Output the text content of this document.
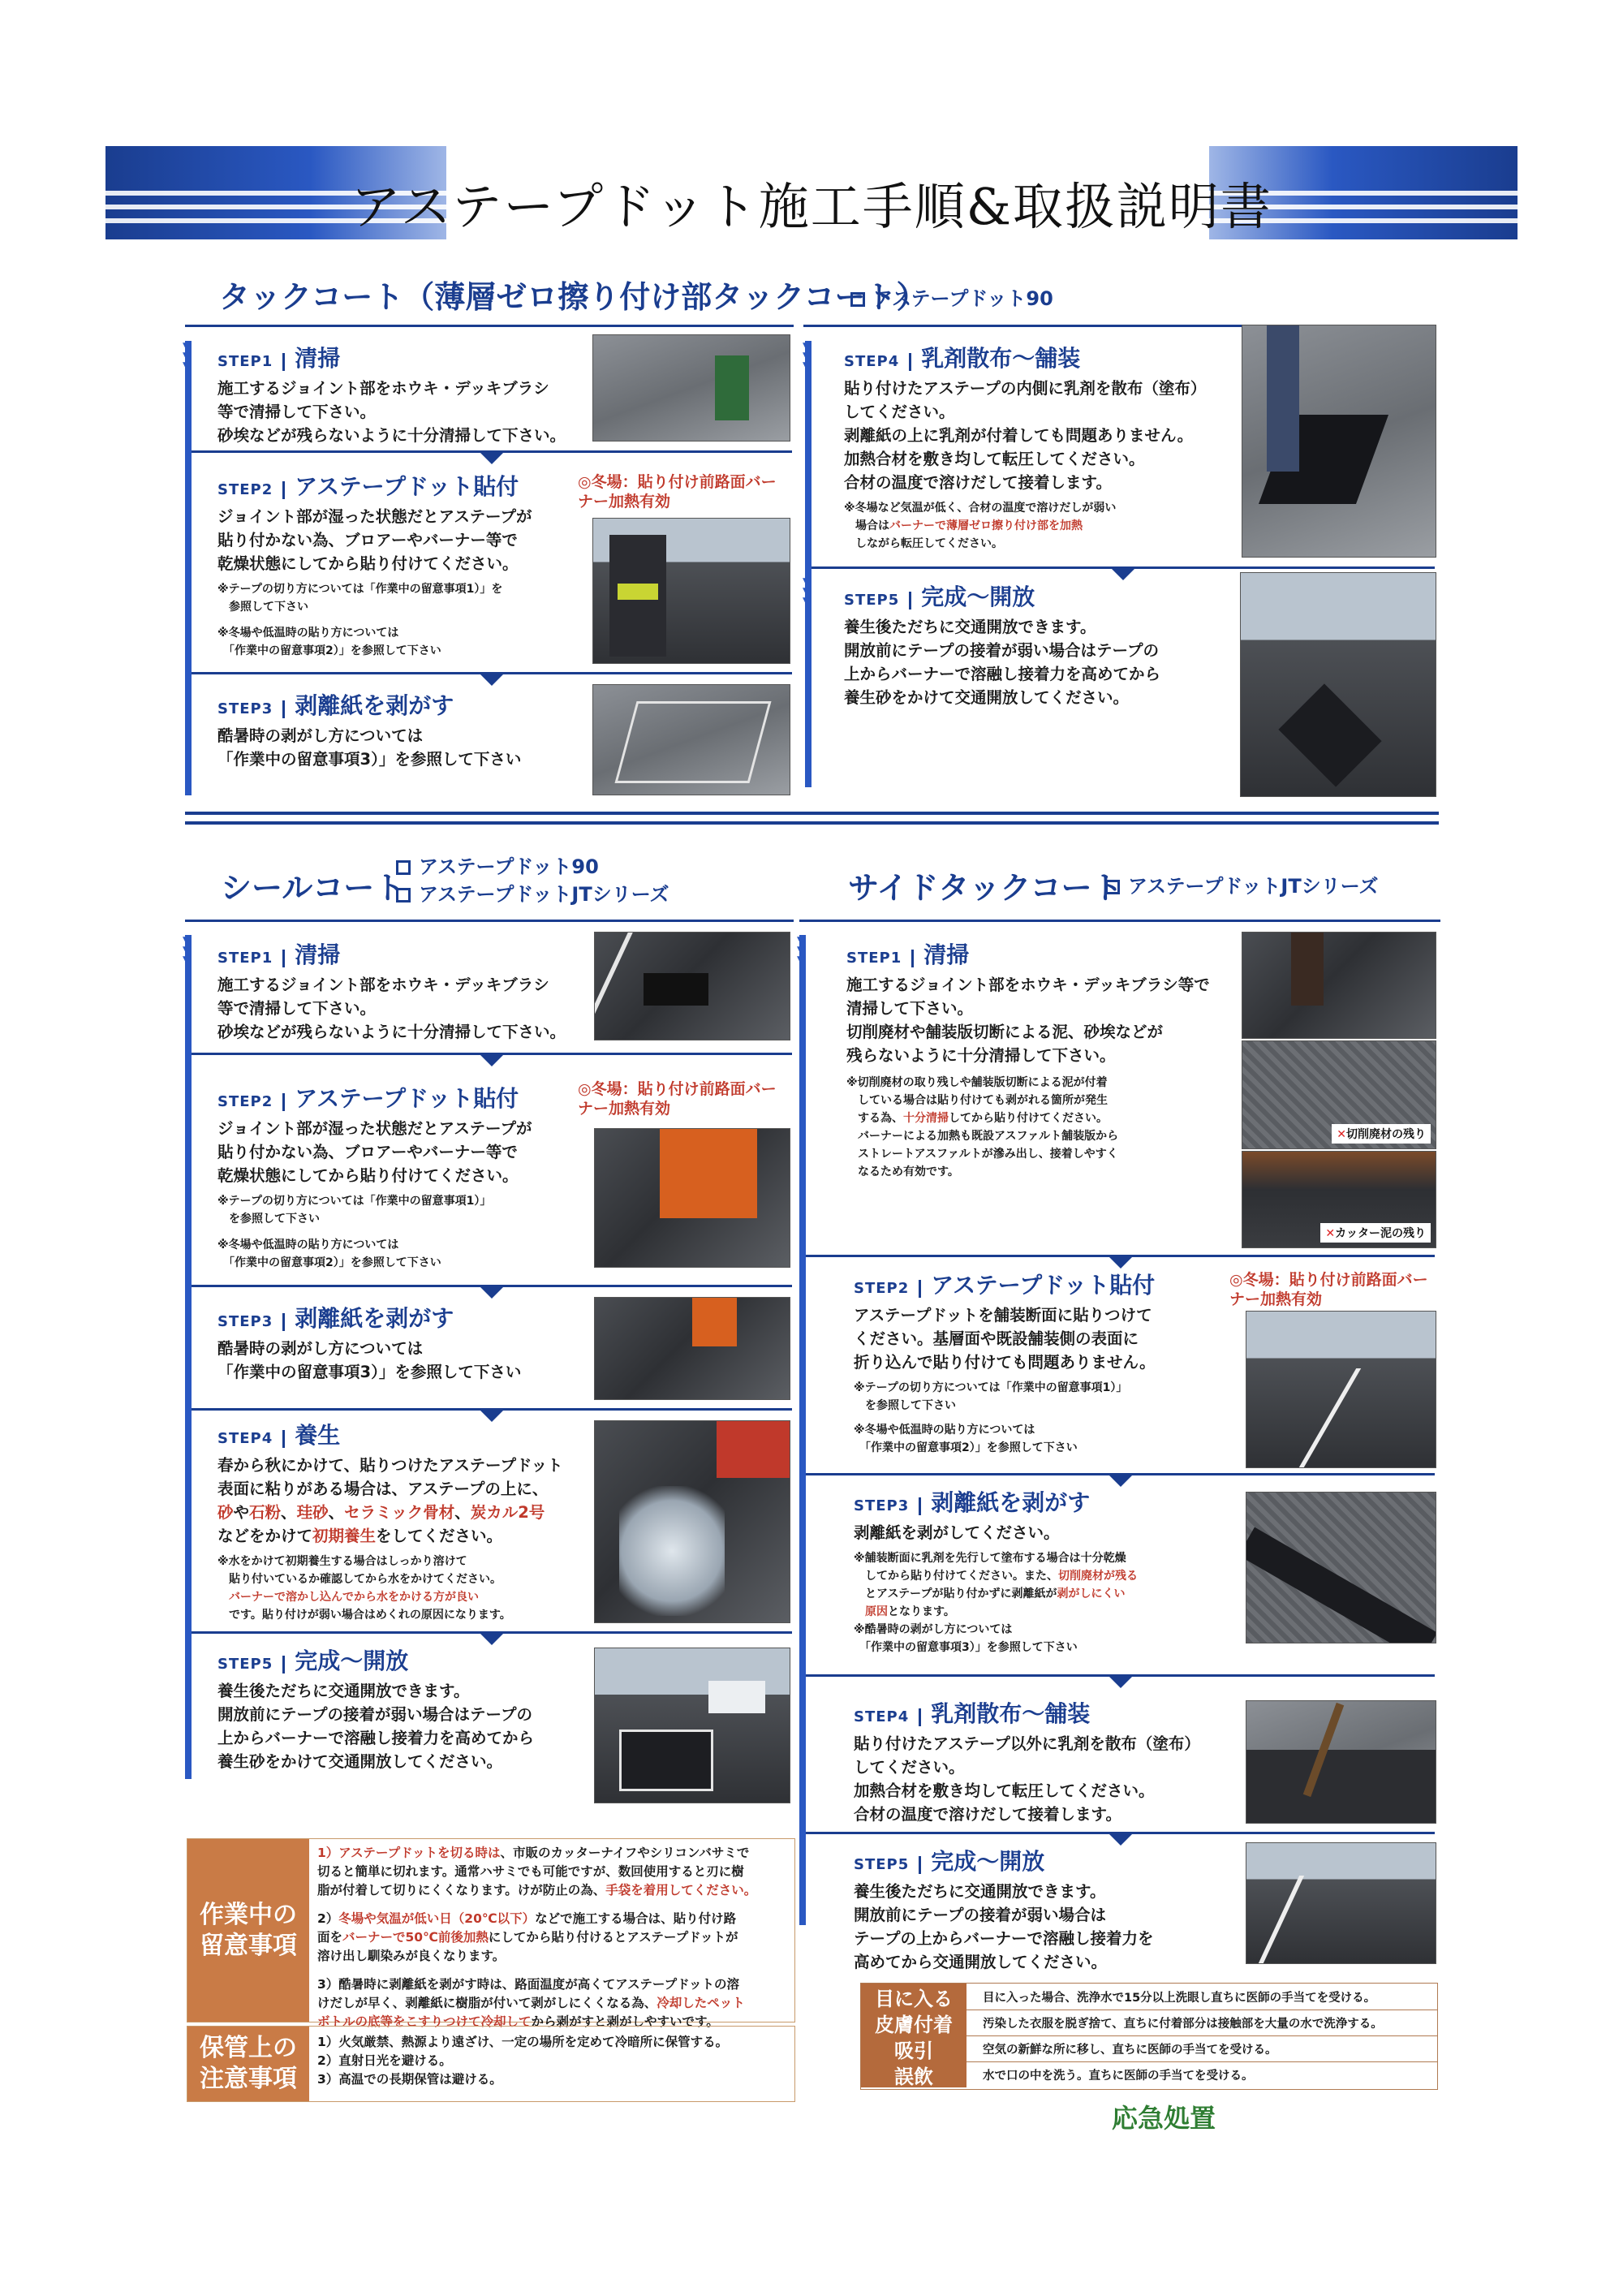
アステープドット施工手順&取扱説明書
タックコート（薄層ゼロ擦り付け部タックコート）
アステープドット90
▼ ▼ ▼
▼ ▼ ▼
▼ ▼ ▼
STEP1 清掃
施工するジョイント部をホウキ・デッキブラシ
等で清掃して下さい。
砂埃などが残らないように十分清掃して下さい。
STEP2 アステープドット貼付
ジョイント部が湿った状態だとアステープが
貼り付かない為、ブロアーやバーナー等で
乾燥状態にしてから貼り付けてください。
※テープの切り方については「作業中の留意事項1）」を
　参照して下さい
※冬場や低温時の貼り方については
　「作業中の留意事項2）」を参照して下さい
◎冬場：貼り付け前路面バー
ナー加熱有効
STEP3 剥離紙を剥がす
酷暑時の剥がし方については
「作業中の留意事項3）」を参照して下さい
STEP4 乳剤散布～舗装
貼り付けたアステープの内側に乳剤を散布（塗布）
してください。
剥離紙の上に乳剤が付着しても問題ありません。
加熱合材を敷き均して転圧してください。
合材の温度で溶けだして接着します。
※冬場など気温が低く、合材の温度で溶けだしが弱い
　場合はバーナーで薄層ゼロ擦り付け部を加熱
　しながら転圧してください。
STEP5 完成～開放
養生後ただちに交通開放できます。
開放前にテープの接着が弱い場合はテープの
上からバーナーで溶融し接着力を高めてから
養生砂をかけて交通開放してください。
シールコート
アステープドット90
アステープドットJTシリーズ
▼ ▼ ▼
STEP1 清掃
施工するジョイント部をホウキ・デッキブラシ
等で清掃して下さい。
砂埃などが残らないように十分清掃して下さい。
STEP2 アステープドット貼付
ジョイント部が湿った状態だとアステープが
貼り付かない為、ブロアーやバーナー等で
乾燥状態にしてから貼り付けてください。
※テープの切り方については「作業中の留意事項1）」
　を参照して下さい
※冬場や低温時の貼り方については
　「作業中の留意事項2）」を参照して下さい
◎冬場：貼り付け前路面バー
ナー加熱有効
STEP3 剥離紙を剥がす
酷暑時の剥がし方については
「作業中の留意事項3）」を参照して下さい
STEP4 養生
春から秋にかけて、貼りつけたアステープドット
表面に粘りがある場合は、アステープの上に、
砂や石粉、珪砂、セラミック骨材、炭カル2号
などをかけて初期養生をしてください。
※水をかけて初期養生する場合はしっかり溶けて
　貼り付いているか確認してから水をかけてください。
　バーナーで溶かし込んでから水をかける方が良い
　です。貼り付けが弱い場合はめくれの原因になります。
STEP5 完成～開放
養生後ただちに交通開放できます。
開放前にテープの接着が弱い場合はテープの
上からバーナーで溶融し接着力を高めてから
養生砂をかけて交通開放してください。
サイドタックコート アステープドットJTシリーズ
▼ ▼ ▼
STEP1 清掃
施工するジョイント部をホウキ・デッキブラシ等で
清掃して下さい。
切削廃材や舗装版切断による泥、砂埃などが
残らないように十分清掃して下さい。
※切削廃材の取り残しや舗装版切断による泥が付着
　している場合は貼り付けても剥がれる箇所が発生
　する為、十分清掃してから貼り付けてください。
　バーナーによる加熱も既設アスファルト舗装版から
　ストレートアスファルトが滲み出し、接着しやすく
　なるため有効です。
✕切削廃材の残り
✕カッター泥の残り
STEP2 アステープドット貼付
アステープドットを舗装断面に貼りつけて
ください。基層面や既設舗装側の表面に
折り込んで貼り付けても問題ありません。
※テープの切り方については「作業中の留意事項1）」
　を参照して下さい
※冬場や低温時の貼り方については
　「作業中の留意事項2）」を参照して下さい
◎冬場：貼り付け前路面バー
ナー加熱有効
STEP3 剥離紙を剥がす
剥離紙を剥がしてください。
※舗装断面に乳剤を先行して塗布する場合は十分乾燥
　してから貼り付けてください。また、切削廃材が残る
　とアステープが貼り付かずに剥離紙が剥がしにくい
　原因となります。
※酷暑時の剥がし方については
　「作業中の留意事項3）」を参照して下さい
STEP4 乳剤散布～舗装
貼り付けたアステープ以外に乳剤を散布（塗布）
してください。
加熱合材を敷き均して転圧してください。
合材の温度で溶けだして接着します。
STEP5 完成～開放
養生後ただちに交通開放できます。
開放前にテープの接着が弱い場合は
テープの上からバーナーで溶融し接着力を
高めてから交通開放してください。
作業中の
留意事項
1）アステープドットを切る時は、市販のカッターナイフやシリコンバサミで
切ると簡単に切れます。通常ハサミでも可能ですが、数回使用すると刃に樹
脂が付着して切りにくくなります。けが防止の為、手袋を着用してください。
2）冬場や気温が低い日（20℃以下）などで施工する場合は、貼り付け路
面をバーナーで50℃前後加熱にしてから貼り付けるとアステープドットが
溶け出し馴染みが良くなります。
3）酷暑時に剥離紙を剥がす時は、路面温度が高くてアステープドットの溶
けだしが早く、剥離紙に樹脂が付いて剥がしにくくなる為、冷却したペット
ボトルの底等をこすりつけて冷却してから剥がすと剥がしやすいです。
保管上の
注意事項
1）火気厳禁、熱源より遠ざけ、一定の場所を定めて冷暗所に保管する。
2）直射日光を避ける。
3）高温での長期保管は避ける。
目に入る	目に入った場合、洗浄水で15分以上洗眼し直ちに医師の手当てを受ける。
皮膚付着	汚染した衣服を脱ぎ捨て、直ちに付着部分は接触部を大量の水で洗浄する。
吸引	空気の新鮮な所に移し、直ちに医師の手当てを受ける。
誤飲	水で口の中を洗う。直ちに医師の手当てを受ける。
応急処置
